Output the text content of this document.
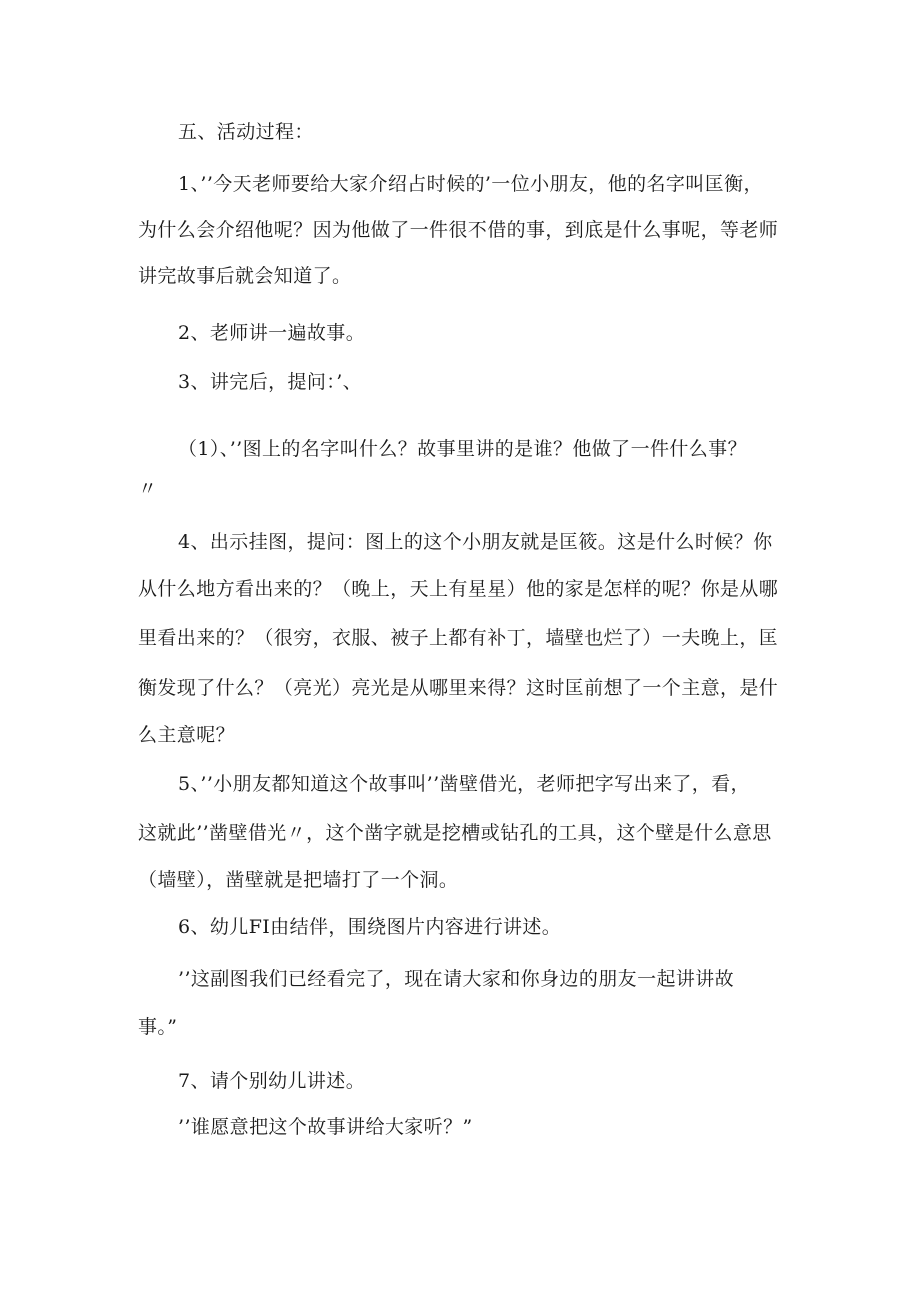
五、活动过程：
1、’’今天老师要给大家介绍占时候的’一位小朋友，他的名字叫匡衡，
为什么会介绍他呢？因为他做了一件很不借的事，到底是什么事呢，等老师
讲完故事后就会知道了。
2、老师讲一遍故事。
3、讲完后，提问：’、
（1）、’’图上的名字叫什么？故事里讲的是谁？他做了一件什么事？
〃
4、出示挂图，提问：图上的这个小朋友就是匡筱。这是什么时候？你
从什么地方看出来的？（晚上，天上有星星）他的家是怎样的呢？你是从哪
里看出来的？（很穷，衣服、被子上都有补丁，墙壁也烂了）一夫晚上，匡
衡发现了什么？（亮光）亮光是从哪里来得？这时匡前想了一个主意，是什
么主意呢？
5、’’小朋友都知道这个故事叫’’凿壁借光，老师把字写出来了，看，
这就此’’凿壁借光〃，这个凿字就是挖槽或钻孔的工具，这个壁是什么意思
（墙壁），凿壁就是把墙打了一个洞。
6、幼儿FI由结伴，围绕图片内容进行讲述。
’’这副图我们已经看完了，现在请大家和你身边的朋友一起讲讲故
事。”
7、请个别幼儿讲述。
’’谁愿意把这个故事讲给大家听？”
